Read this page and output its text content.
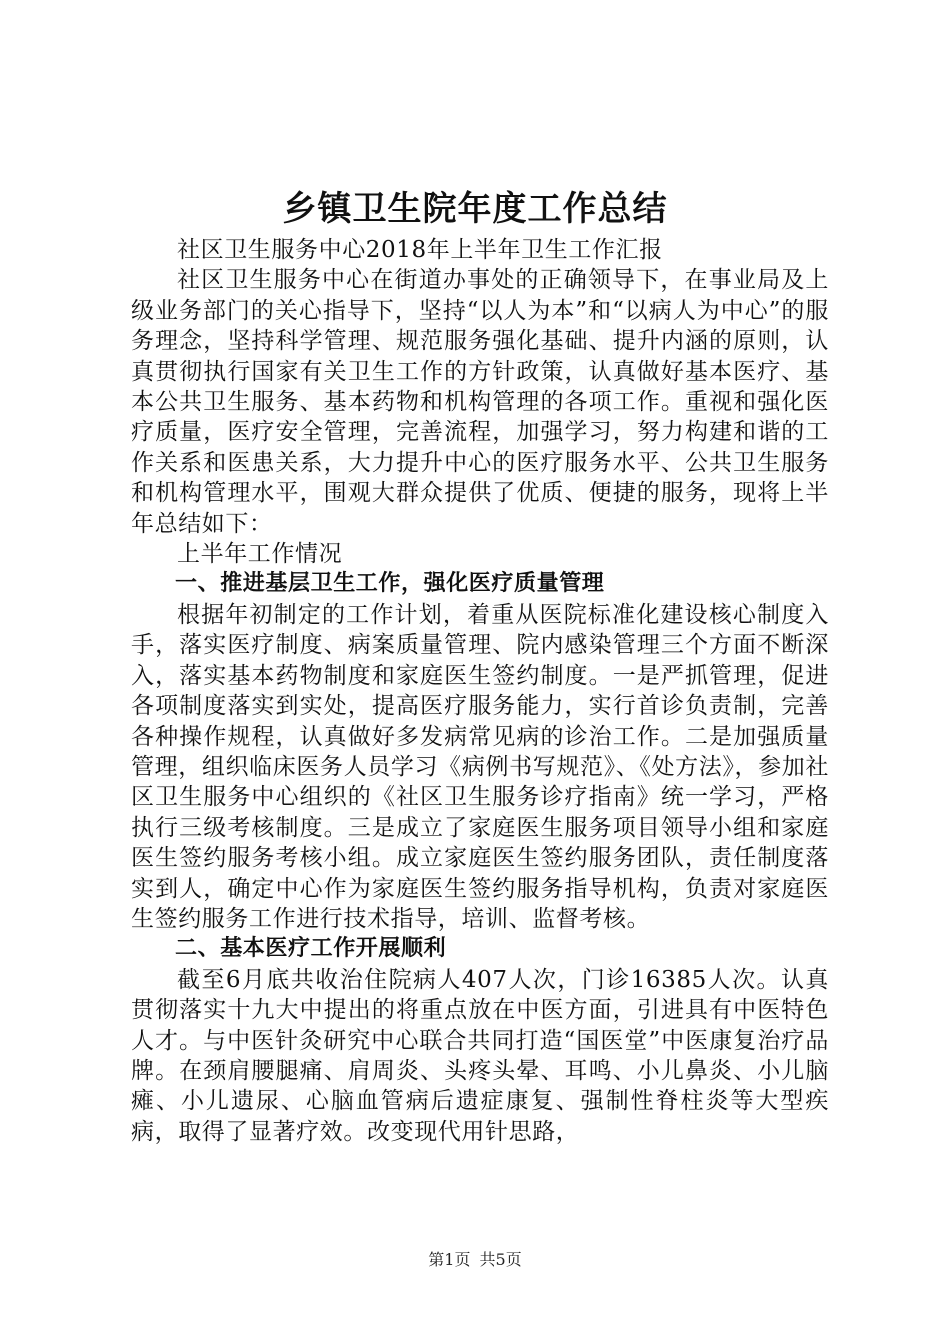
乡镇卫生院年度工作总结

社区卫生服务中心2018年上半年卫生工作汇报

社区卫生服务中心在街道办事处的正确领导下，在事业局及上级业务部门的关心指导下，坚持“以人为本”和“以病人为中心”的服务理念，坚持科学管理、规范服务强化基础、提升内涵的原则，认真贯彻执行国家有关卫生工作的方针政策，认真做好基本医疗、基本公共卫生服务、基本药物和机构管理的各项工作。重视和强化医疗质量，医疗安全管理，完善流程，加强学习，努力构建和谐的工作关系和医患关系，大力提升中心的医疗服务水平、公共卫生服务和机构管理水平，围观大群众提供了优质、便捷的服务，现将上半年总结如下：

上半年工作情况

一、推进基层卫生工作，强化医疗质量管理

根据年初制定的工作计划，着重从医院标准化建设核心制度入手，落实医疗制度、病案质量管理、院内感染管理三个方面不断深入，落实基本药物制度和家庭医生签约制度。一是严抓管理，促进各项制度落实到实处，提高医疗服务能力，实行首诊负责制，完善各种操作规程，认真做好多发病常见病的诊治工作。二是加强质量管理，组织临床医务人员学习《病例书写规范》、《处方法》，参加社区卫生服务中心组织的《社区卫生服务诊疗指南》统一学习，严格执行三级考核制度。三是成立了家庭医生服务项目领导小组和家庭医生签约服务考核小组。成立家庭医生签约服务团队，责任制度落实到人，确定中心作为家庭医生签约服务指导机构，负责对家庭医生签约服务工作进行技术指导，培训、监督考核。

二、基本医疗工作开展顺利

截至6月底共收治住院病人407人次，门诊16385人次。认真贯彻落实十九大中提出的将重点放在中医方面，引进具有中医特色人才。与中医针灸研究中心联合共同打造“国医堂”中医康复治疗品牌。在颈肩腰腿痛、肩周炎、头疼头晕、耳鸣、小儿鼻炎、小儿脑瘫、小儿遗尿、心脑血管病后遗症康复、强制性脊柱炎等大型疾病，取得了显著疗效。改变现代用针思路，

第1页 共5页
